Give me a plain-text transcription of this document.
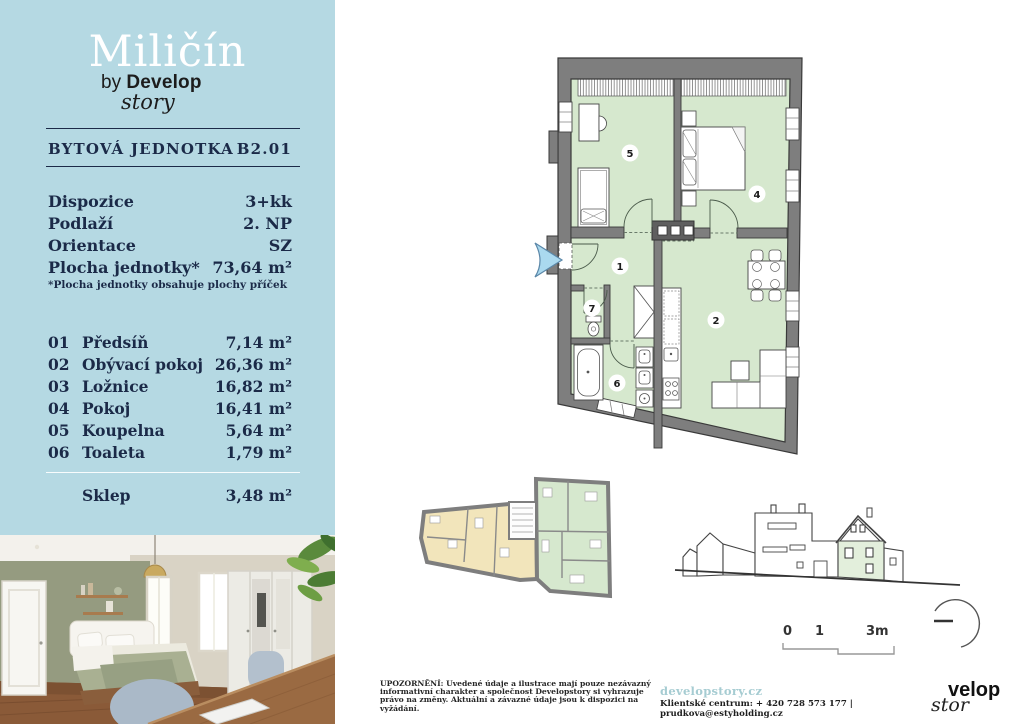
Miličín
by Develop
story
BYTOVÁ JEDNOTKA B2.01
Dispozice	3+kk
Podlaží	2. NP
Orientace	SZ
Plocha jednotky* 73,64 m²
*Plocha jednotky obsahuje plochy příček
01 Předsíň	7,14 m²
02 Obývací pokoj 26,36 m²
03 Ložnice	16,82 m²
04 Pokoj	16,41 m²
05 Koupelna	5,64 m²
06 Toaleta	1,79 m²
Sklep	3,48 m²
5
4
1
2
7
6
0 1	3m
UPOZORNĚNÍ: Uvedené údaje a ilustrace mají pouze nezávazný
informativní charakter a společnost Developstory si vyhrazuje
právo na změny. Aktuální a závazné údaje jsou k dispozici na vyžádání.
developstory.cz
Klientské centrum: + 420 728 573 177 | prudkova@estyholding.cz
velop
stor
